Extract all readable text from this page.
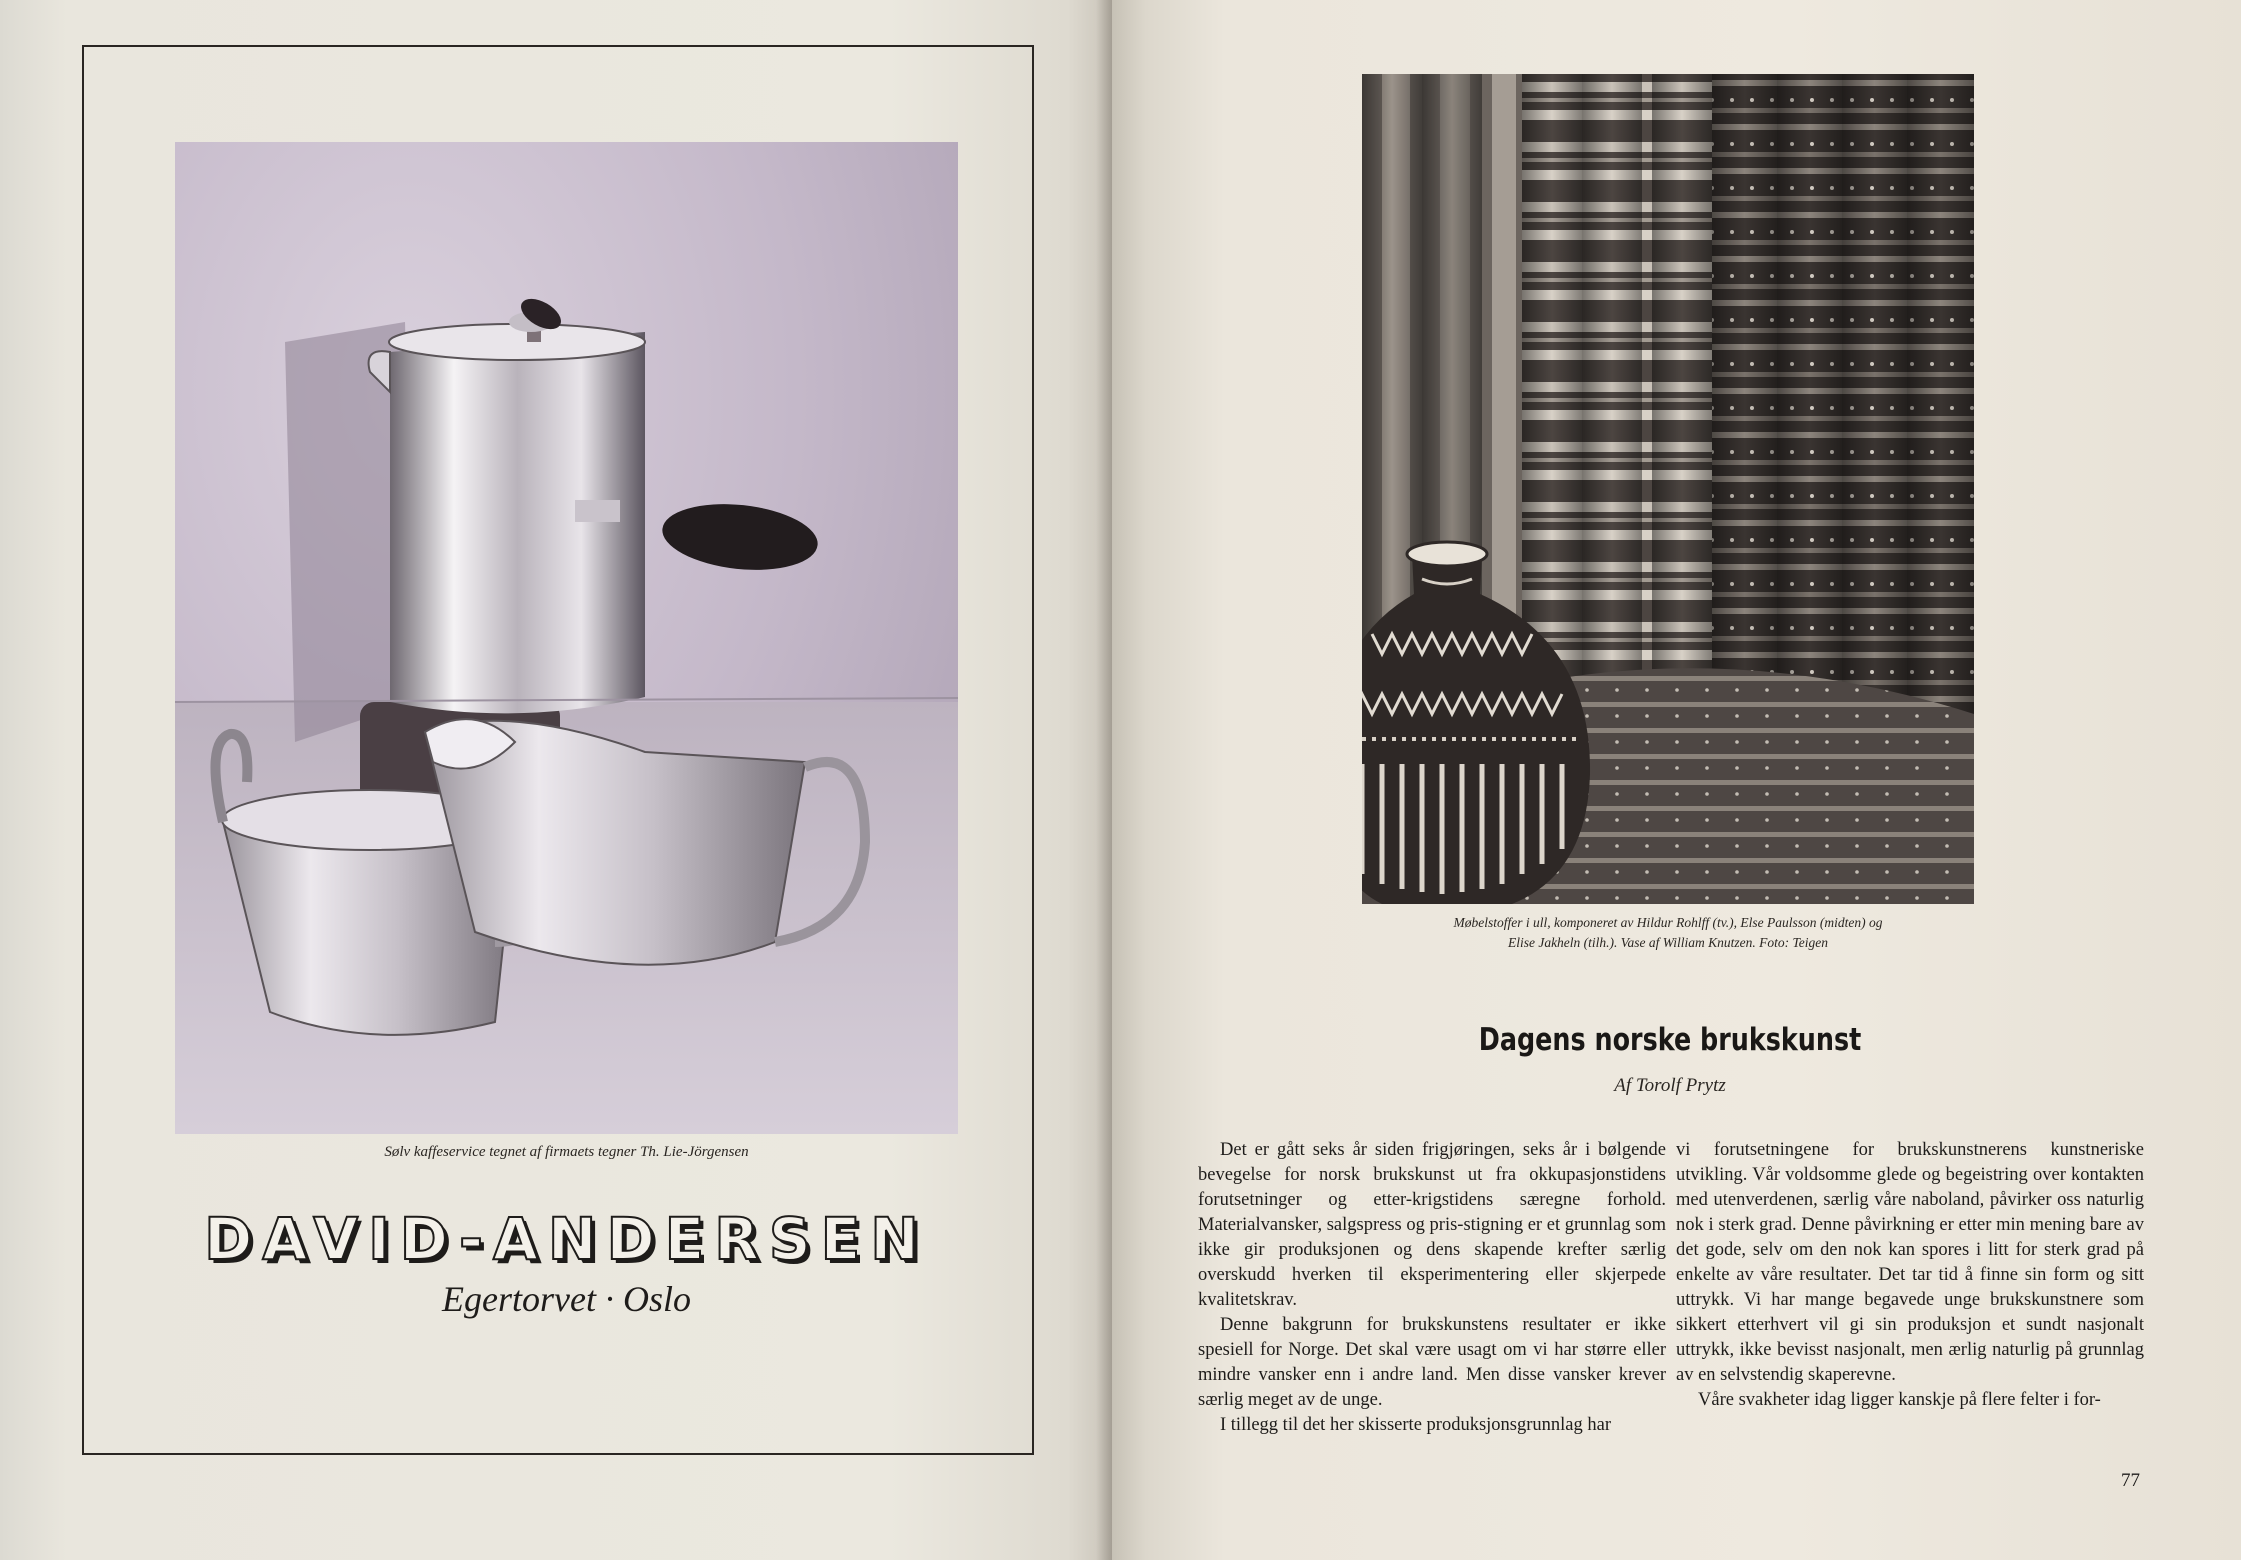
Sølv kaffeservice tegnet af firmaets tegner Th. Lie-Jörgensen
DAVID-ANDERSEN
Egertorvet · Oslo
Møbelstoffer i ull, komponeret av Hildur Rohlff (tv.), Else Paulsson (midten) og
Elise Jakheln (tilh.). Vase af William Knutzen. Foto: Teigen
Dagens norske brukskunst
Af Torolf Prytz

Det er gått seks år siden frigjøringen, seks år i bølgende bevegelse for norsk brukskunst ut fra okkupasjonstidens forutsetninger og etter-krigstidens særegne forhold. Materialvansker, salgspress og pris-stigning er et grunnlag som ikke gir produksjonen og dens skapende krefter særlig overskudd hverken til eksperimentering eller skjerpede kvalitetskrav.

Denne bakgrunn for brukskunstens resultater er ikke spesiell for Norge. Det skal være usagt om vi har større eller mindre vansker enn i andre land. Men disse vansker krever særlig meget av de unge.

I tillegg til det her skisserte produksjonsgrunnlag har

vi forutsetningene for brukskunstnerens kunstneriske utvikling. Vår voldsomme glede og begeistring over kontakten med utenverdenen, særlig våre naboland, påvirker oss naturlig nok i sterk grad. Denne påvirkning er etter min mening bare av det gode, selv om den nok kan spores i litt for sterk grad på enkelte av våre resultater. Det tar tid å finne sin form og sitt uttrykk. Vi har mange begavede unge brukskunstnere som sikkert etterhvert vil gi sin produksjon et sundt nasjonalt uttrykk, ikke bevisst nasjonalt, men ærlig naturlig på grunnlag av en selvstendig skaperevne.

Våre svakheter idag ligger kanskje på flere felter i for-

77
